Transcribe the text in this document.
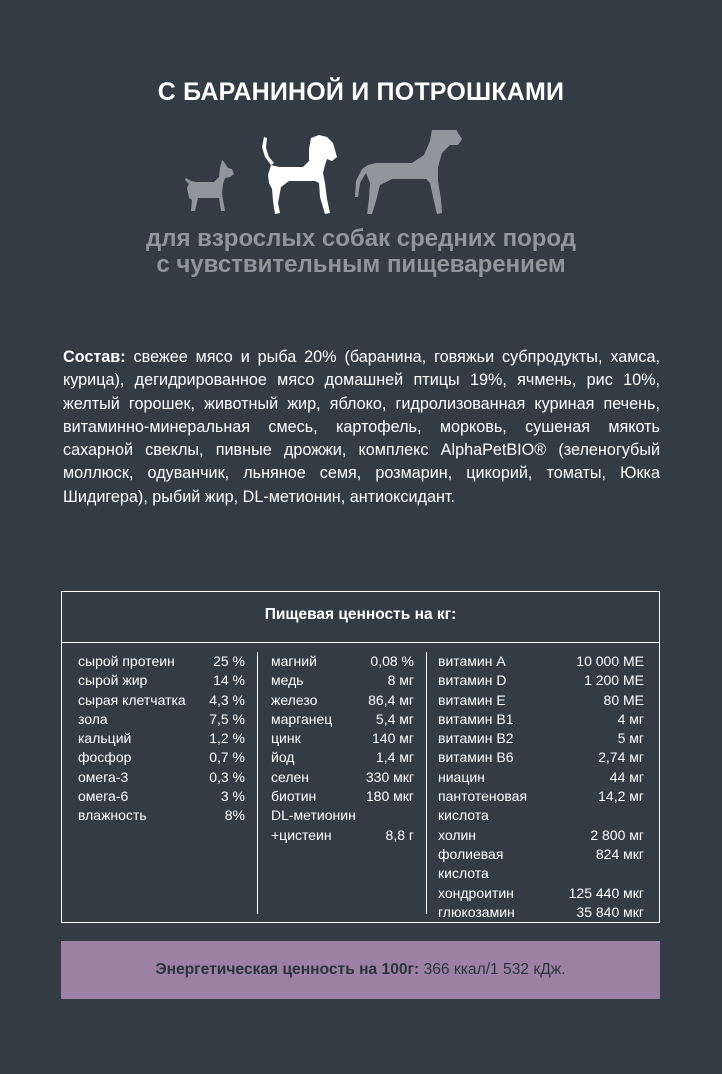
С БАРАНИНОЙ И ПОТРОШКАМИ
для взрослых собак средних пород
с чувствительным пищеварением
Состав: свежее мясо и рыба 20% (баранина, говяжьи субпродукты, хамса, курица), дегидрированное мясо домашней птицы 19%, ячмень, рис 10%, желтый горошек, животный жир, яблоко, гидролизованная куриная печень, витаминно-минеральная смесь, картофель, морковь, сушеная мякоть сахарной свеклы, пивные дрожжи, комплекс AlphaPetBIO® (зеленогубый моллюск, одуванчик, льняное семя, розмарин, цикорий, томаты, Юкка Шидигера), рыбий жир, DL-метионин, антиоксидант.
Пищевая ценность на кг:
сырой протеин	25 %
сырой жир	14 %
сырая клетчатка 4,3 %
зола	7,5 %
кальций	1,2 %
фосфор	0,7 %
омега-3	0,3 %
омега-6	3 %
влажность	8%
магний	0,08 %
медь	8 мг
железо	86,4 мг
марганец	5,4 мг
цинк	140 мг
йод	1,4 мг
селен	330 мкг
биотин	180 мкг
DL-метионин
+цистеин	8,8 г
витамин A	10 000 МЕ
витамин D	1 200 МЕ
витамин E	80 МЕ
витамин B1	4 мг
витамин B2	5 мг
витамин B6	2,74 мг
ниацин	44 мг
пантотеновая	14,2 мг
кислота
холин	2 800 мг
фолиевая	824 мкг
кислота
хондроитин	125 440 мкг
глюкозамин	35 840 мкг
Энергетическая ценность на 100г: 366 ккал/1 532 кДж.
